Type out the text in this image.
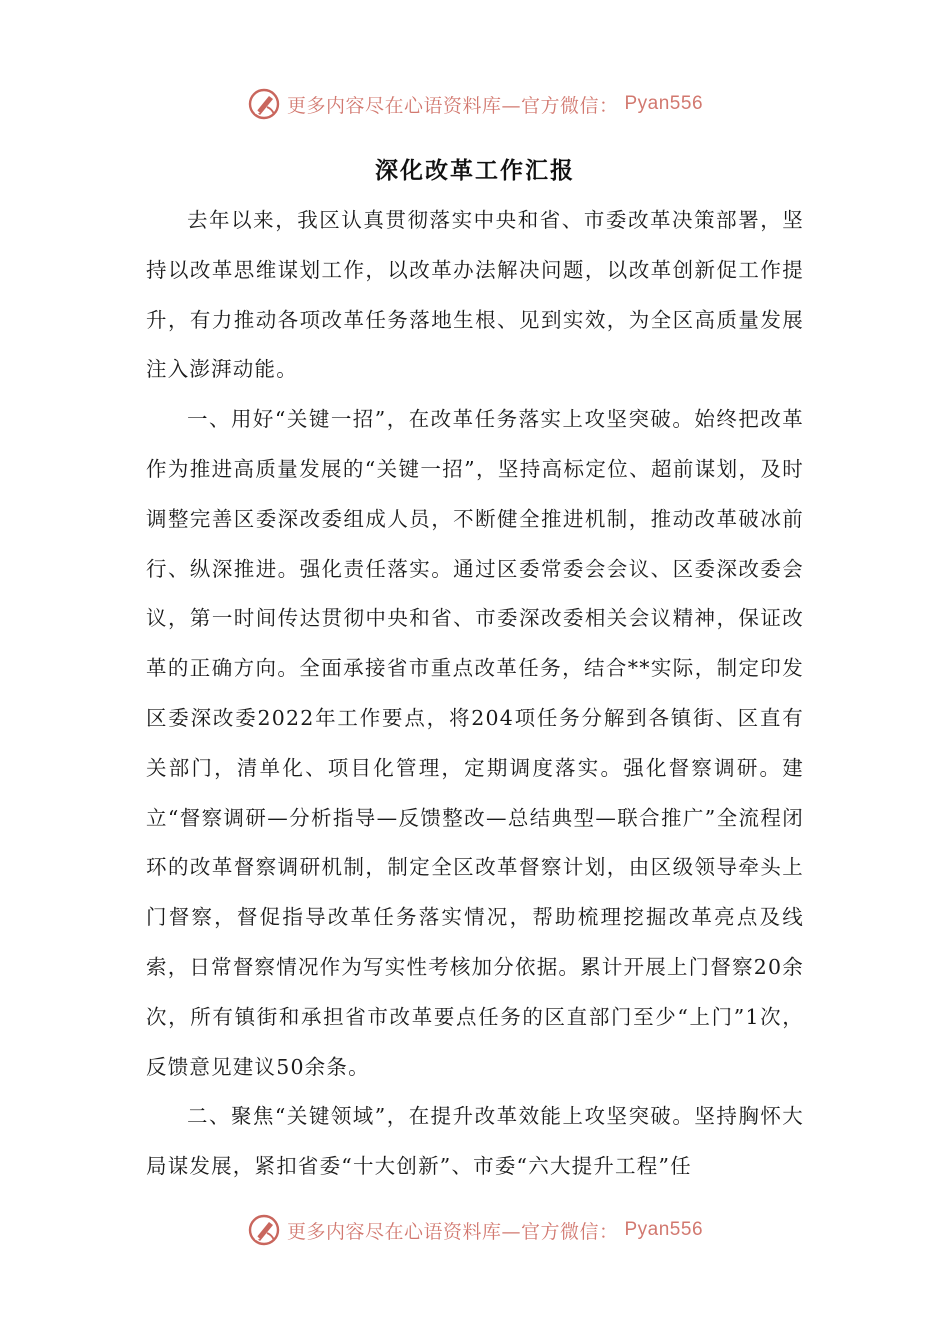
更多内容尽在心语资料库—官方微信： Pyan556
深化改革工作汇报

去年以来，我区认真贯彻落实中央和省、市委改革决策部署，坚持以改革思维谋划工作，以改革办法解决问题，以改革创新促工作提升，有力推动各项改革任务落地生根、见到实效，为全区高质量发展注入澎湃动能。

一、用好“关键一招”，在改革任务落实上攻坚突破。始终把改革作为推进高质量发展的“关键一招”，坚持高标定位、超前谋划，及时调整完善区委深改委组成人员，不断健全推进机制，推动改革破冰前行、纵深推进。强化责任落实。通过区委常委会会议、区委深改委会议，第一时间传达贯彻中央和省、市委深改委相关会议精神，保证改革的正确方向。全面承接省市重点改革任务，结合**实际，制定印发区委深改委2022年工作要点，将204项任务分解到各镇街、区直有关部门，清单化、项目化管理，定期调度落实。强化督察调研。建立“督察调研—分析指导—反馈整改—总结典型—联合推广”全流程闭环的改革督察调研机制，制定全区改革督察计划，由区级领导牵头上门督察，督促指导改革任务落实情况，帮助梳理挖掘改革亮点及线索，日常督察情况作为写实性考核加分依据。累计开展上门督察20余次，所有镇街和承担省市改革要点任务的区直部门至少“上门”1次，反馈意见建议50余条。

二、聚焦“关键领域”，在提升改革效能上攻坚突破。坚持胸怀大局谋发展，紧扣省委“十大创新”、市委“六大提升工程”任

更多内容尽在心语资料库—官方微信： Pyan556
